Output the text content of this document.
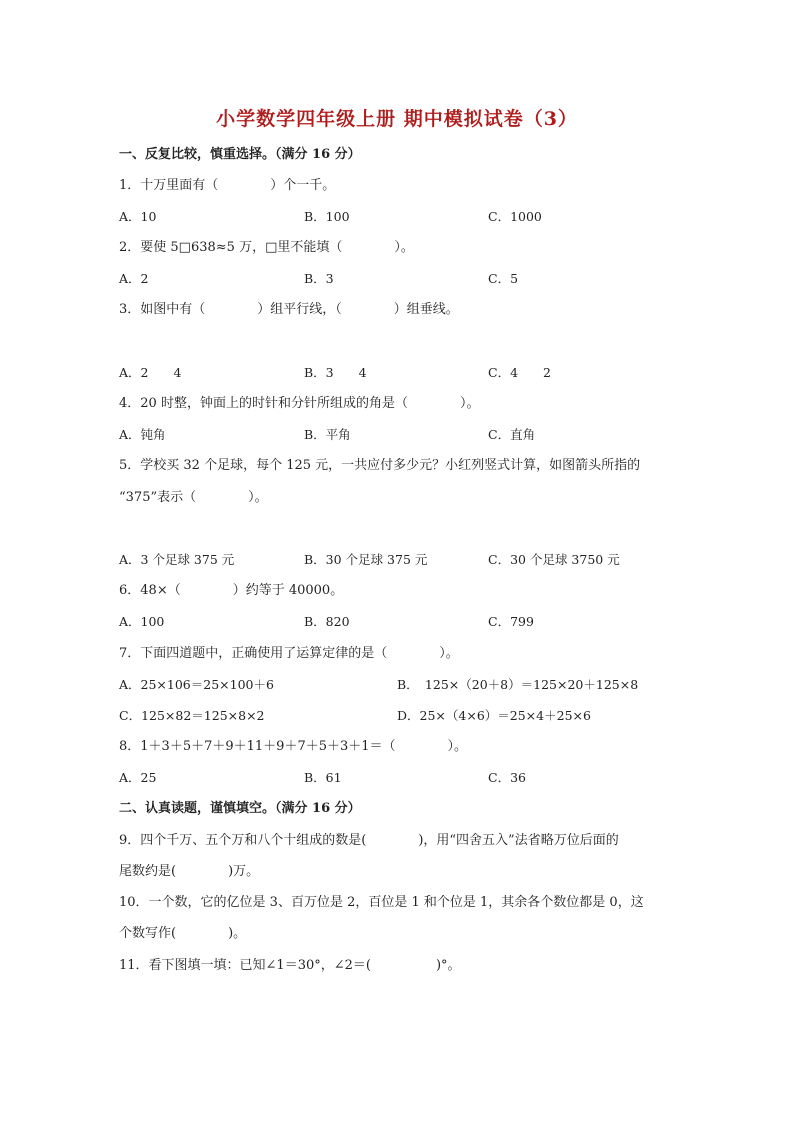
小学数学四年级上册 期中模拟试卷（3）
一、反复比较，慎重选择。（满分 16 分）
1．十万里面有（　　　　）个一千。
A．10	B．100	C．1000
2．要使 5□638≈5 万，□里不能填（　　　　）。
A．2	B．3	C．5
3．如图中有（　　　　）组平行线，（　　　　）组垂线。
A．2　　4	B．3　　4	C．4　　2
4．20 时整，钟面上的时针和分针所组成的角是（　　　　）。
A．钝角	B．平角	C．直角
5．学校买 32 个足球，每个 125 元，一共应付多少元？小红列竖式计算，如图箭头所指的
“375”表示（　　　　）。
A．3 个足球 375 元	B．30 个足球 375 元	C．30 个足球 3750 元
6．48×（　　　　）约等于 40000。
A．100	B．820	C．799
7．下面四道题中，正确使用了运算定律的是（　　　　）。
A．25×106＝25×100＋6	B．　125×（20＋8）＝125×20＋125×8
C．125×82＝125×8×2	D．25×（4×6）＝25×4＋25×6
8．1＋3＋5＋7＋9＋11＋9＋7＋5＋3＋1＝（　　　　）。
A．25	B．61	C．36
二、认真读题，谨慎填空。（满分 16 分）
9．四个千万、五个万和八个十组成的数是(　　　　)，用“四舍五入”法省略万位后面的
尾数约是(　　　　)万。
10．一个数，它的亿位是 3、百万位是 2，百位是 1 和个位是 1，其余各个数位都是 0，这
个数写作(　　　　)。
11．看下图填一填：已知∠1＝30°，∠2＝(　　　　　)°。
